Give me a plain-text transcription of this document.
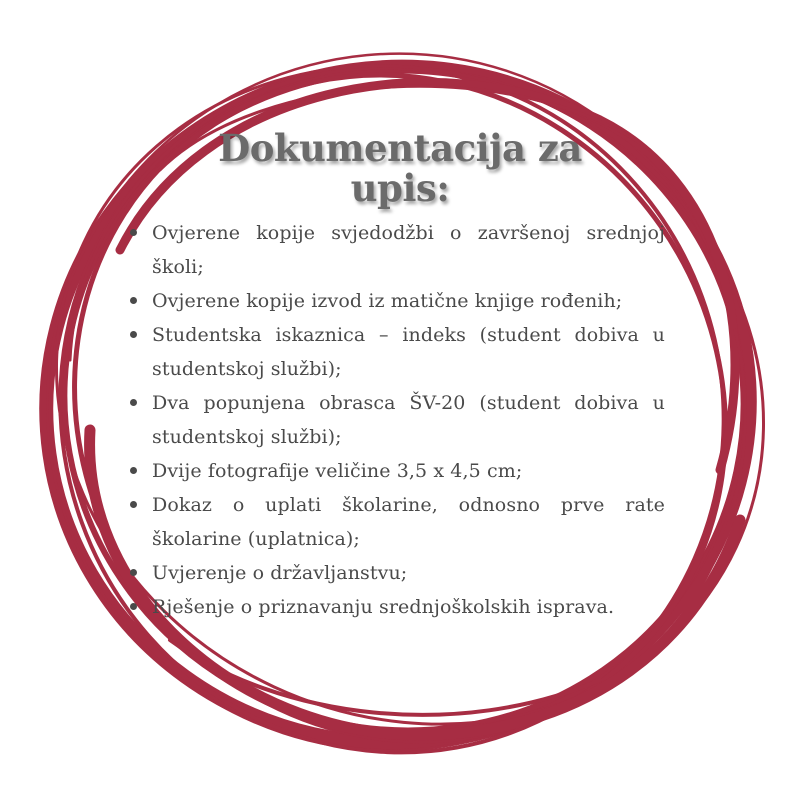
Dokumentacija za upis:
Ovjerene kopije svjedodžbi o završenoj srednjoj školi;
Ovjerene kopije izvod iz matične knjige rođenih;
Studentska iskaznica – indeks (student dobiva u studentskoj službi);
Dva popunjena obrasca ŠV-20 (student dobiva u studentskoj službi);
Dvije fotografije veličine 3,5 x 4,5 cm;
Dokaz o uplati školarine, odnosno prve rate školarine (uplatnica);
Uvjerenje o državljanstvu;
Rješenje o priznavanju srednjoškolskih isprava.
